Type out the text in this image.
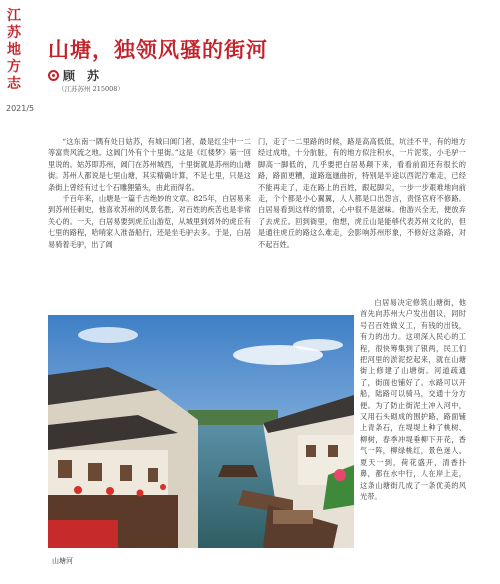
江苏地方志
2021/5
山塘，独领风骚的街河
顾　苏
（江苏苏州 215008）

“这东南一隅有处日姑苏，有城曰阊门者，最是红尘中一二等富贵风流之地。这阊门外有个十里街。”这是《红楼梦》第一回里说的。姑苏即苏州，阊门在苏州城西，十里街就是苏州的山塘街。苏州人都说是七里山塘，其实精确计算，不足七里，只是这条街上曾经有过七个石雕狸猫头，由此而得名。

千百年来，山塘是一篇千古绝妙的文章。825年，白居易来到苏州任刺史，他喜欢苏州的风景名胜，对百姓的疾苦也是非常关心的。一天，白居易要到虎丘山游览，从城里到郊外的虎丘有七里的路程，哈哨家人准备船行，还是坐毛驴去多。于是，白居易骑着毛驴，出了阊

门，走了一二里路的时候，路是高高低低，坑洼不平，有的地方经过成堆，十分肮脏，有的地方似注积水，一片泥浆，小毛驴一脚高一脚低的，几乎要把白居易颠下来，看看前面还有很长的路，路面更糟，道路迤逦曲折，特别是半途以西泥泞难走，已经不能再走了，走在路上的百姓，跟起脚尖，一步一步艰难地向前走，个个都是小心翼翼，人人都是口出怨言，责怪官府不修路。白居易看到这样的情景，心中很不是滋味。他游兴全无，便放弃了去虎丘。回到衙里，他想，虎丘山是能够代表苏州文化的，但是通往虎丘的路这么难走，会影响苏州形象，不修好这条路，对不起百姓。

白居易决定修筑山塘街，他首先向苏州大户发出倡议，同时号召百姓做义工，有钱的出钱，有力的出力。这项深入民心的工程，很快筹集到了银两，民工们把河里的淤泥挖起来，就在山塘街上修建了山塘街。河道疏通了，街面也铺好了。水路可以开船，陆路可以骑马，交通十分方便。为了防止街泥土冲入河中，又用石头砌成的围护路，路面铺上青条石，在堤堤上种了桃树、柳树，春季冲堤垂柳下开花，香气一阵，柳绿桃红，景色迷人。夏天一到，荷花盛开，清香扑鼻，都在水中行，人在岸上走，这条山塘街几成了一条优美的风光带。

山塘河
